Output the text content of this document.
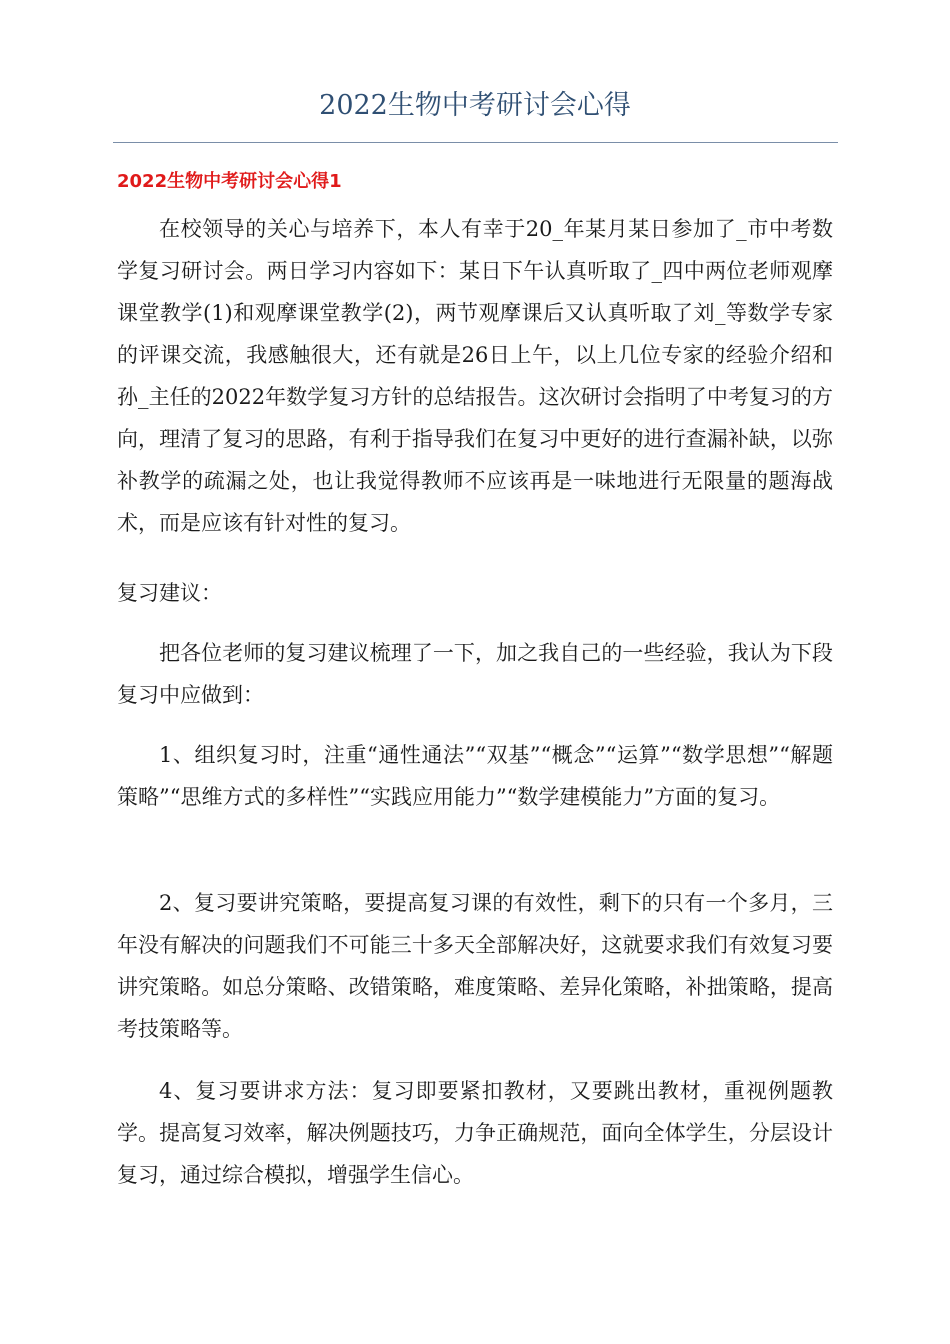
2022生物中考研讨会心得
2022生物中考研讨会心得1

在校领导的关心与培养下，本人有幸于20_年某月某日参加了_市中考数学复习研讨会。两日学习内容如下：某日下午认真听取了_四中两位老师观摩课堂教学(1)和观摩课堂教学(2)，两节观摩课后又认真听取了刘_等数学专家的评课交流，我感触很大，还有就是26日上午，以上几位专家的经验介绍和孙_主任的2022年数学复习方针的总结报告。这次研讨会指明了中考复习的方向，理清了复习的思路，有利于指导我们在复习中更好的进行查漏补缺，以弥补教学的疏漏之处，也让我觉得教师不应该再是一味地进行无限量的题海战术，而是应该有针对性的复习。

复习建议：

把各位老师的复习建议梳理了一下，加之我自己的一些经验，我认为下段复习中应做到：

1、组织复习时，注重“通性通法”“双基”“概念”“运算”“数学思想”“解题策略”“思维方式的多样性”“实践应用能力”“数学建模能力”方面的复习。

2、复习要讲究策略，要提高复习课的有效性，剩下的只有一个多月，三年没有解决的问题我们不可能三十多天全部解决好，这就要求我们有效复习要讲究策略。如总分策略、改错策略，难度策略、差异化策略，补拙策略，提高考技策略等。

4、复习要讲求方法：复习即要紧扣教材，又要跳出教材，重视例题教学。提高复习效率，解决例题技巧，力争正确规范，面向全体学生，分层设计复习，通过综合模拟，增强学生信心。
